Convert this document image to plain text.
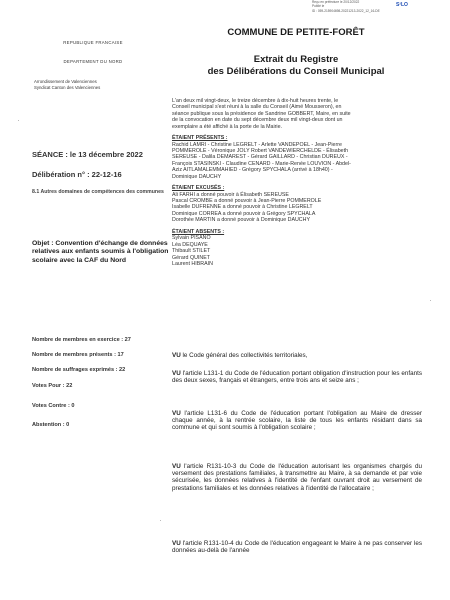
Reçu en préfecture le 20/12/2022
Publié le
ID : 059-215904698-20221213-2022_12_16-DE
S²LO
REPUBLIQUE FRANCAISE
DEPARTEMENT DU NORD
Arrondissement de Valenciennes
Syndicat Canton des Valenciennes
COMMUNE DE PETITE-FORÊT
Extrait du Registre
des Délibérations du Conseil Municipal
SÉANCE : le 13 décembre 2022
Délibération n° : 22-12-16
8.1 Autres domaines de compétences des communes
Objet : Convention d'échange de données relatives aux enfants soumis à l'obligation scolaire avec la CAF du Nord
Nombre de membres en exercice : 27
Nombre de membres présents : 17
Nombre de suffrages exprimés : 22
Votes Pour : 22
Votes Contre : 0
Abstention : 0
L'an deux mil vingt-deux, le treize décembre à dix-huit heures trente, le
Conseil municipal s'est réuni à la salle du Conseil (Aimé Mousseron), en
séance publique sous la présidence de Sandrine GOBBERT, Maire, en suite
de la convocation en date du sept décembre deux mil vingt-deux dont un
exemplaire a été affiché à la porte de la Mairie.
ÉTAIENT PRÉSENTS :
Rachid LAMRI - Christine LEGRELT - Arlette VANDEPOEL - Jean-Pierre
POMMEROLE - Véronique JOLY Robert VANDEWIERCHELDE - Élisabeth
SEREUSE - Dalila DEMAREST - Gérard GAILLARD - Christian DUREUX -
François STASINSKI - Claudine CENARD - Marie-Renée LOUVION - Abdel-
Aziz AITLAMALEMMAHIED - Grégory SPYCHALA (arrivé à 18h40) -
Dominique DAUCHY
ÉTAIENT EXCUSÉS :
Ali FARHI a donné pouvoir à Élisabeth SEREUSE
Pascal CROMBE a donné pouvoir à Jean-Pierre POMMEROLE
Isabelle DUFRENNE a donné pouvoir à Christine LEGRELT
Dominique CORREA a donné pouvoir à Grégory SPYCHALA
Dorothée MARTIN a donné pouvoir à Dominique DAUCHY
ÉTAIENT ABSENTS :
Sylvain PISANO
Léa DEQUAYE
Thibault STILET
Gérard QUINET
Laurent HIBRAIN
VU le Code général des collectivités territoriales,
VU l'article L131-1 du Code de l'éducation portant obligation d'instruction pour les enfants des deux sexes, français et étrangers, entre trois ans et seize ans ;
VU l'article L131-6 du Code de l'éducation portant l'obligation au Maire de dresser chaque année, à la rentrée scolaire, la liste de tous les enfants résidant dans sa commune et qui sont soumis à l'obligation scolaire ;
VU l'article R131-10-3 du Code de l'éducation autorisant les organismes chargés du versement des prestations familiales, à transmettre au Maire, à sa demande et par voie sécurisée, les données relatives à l'identité de l'enfant ouvrant droit au versement de prestations familiales et les données relatives à l'identité de l'allocataire ;
VU l'article R131-10-4 du Code de l'éducation engageant le Maire à ne pas conserver les données au-delà de l'année
